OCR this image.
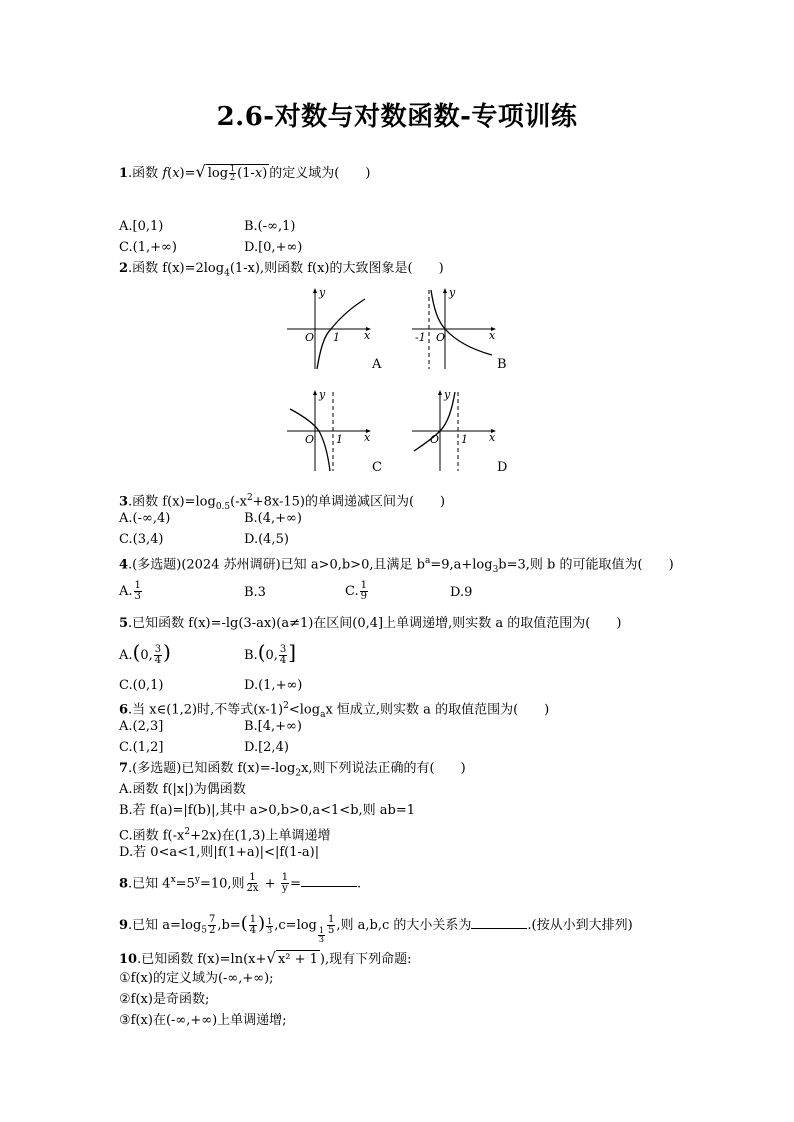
2.6-对数与对数函数-专项训练
1.函数 f(x)=√ $\log \frac{1}{2} (1-x)$ 的定义域为(　　)
A.[0,1)	B.(-∞,1)
C.(1,+∞)	D.[0,+∞)
2.函数 $f(x)=2\log_4(1-x)$,则函数 f(x)的大致图象是(　　)
y
x
O 1
A
y
x
O
-1
B
y
x
O 1
C
y
x
O 1
D
3.函数 $f(x)=\log_{0.5}(-x^2+8x-15)$的单调递减区间为(　　)
A.(-∞,4)	B.(4,+∞)
C.(3,4)	D.(4,5)
4.(多选题)(2024 苏州调研)已知 a>0,b>0,且满足 $b^a=9,a+\log_3b=3$,则 b 的可能取值为(　　)
A. $\frac{1}{3}$	B.3	C. $\frac{1}{9}$	D.9
5.已知函数 f(x)=-lg(3-ax)(a≠1)在区间(0,4]上单调递增,则实数 a 的取值范围为(　　)
A.(0, $\frac{3}{4}$ )	B.(0, $\frac{3}{4}$ ]
C.(0,1)	D.(1,+∞)
6.当 x∈(1,2)时,不等式$(x-1)^2<\log_ax$ 恒成立,则实数 a 的取值范围为(　　)
A.(2,3]	B.[4,+∞)
C.(1,2]	D.[2,4)
7.(多选题)已知函数 $f(x)=-\log_2x$,则下列说法正确的有(　　)
A.函数 f(|x|)为偶函数
B.若 f(a)=|f(b)|,其中 a>0,b>0,a<1<b,则 ab=1
C.函数 $f(-x^2+2x)$在(1,3)上单调递增
D.若 0<a<1,则|f(1+a)|<|f(1-a)|
8.已知 $4^x=5^y=10$,则 $\frac{1}{2x} + \frac{1}{y}$ =	.
9.已知 $a=\log_5 \frac{7}{2} ,b=( \frac{1}{4}$ ) $\frac{1}{3} ,c=\log$
$\frac{1}{3} \frac{1}{5}$ ,则 a,b,c 的大小关系为	.(按从小到大排列)
10.已知函数 f(x)=ln(x+√ x² + 1 ),现有下列命题:
①f(x)的定义域为(-∞,+∞);
②f(x)是奇函数;
③f(x)在(-∞,+∞)上单调递增;
